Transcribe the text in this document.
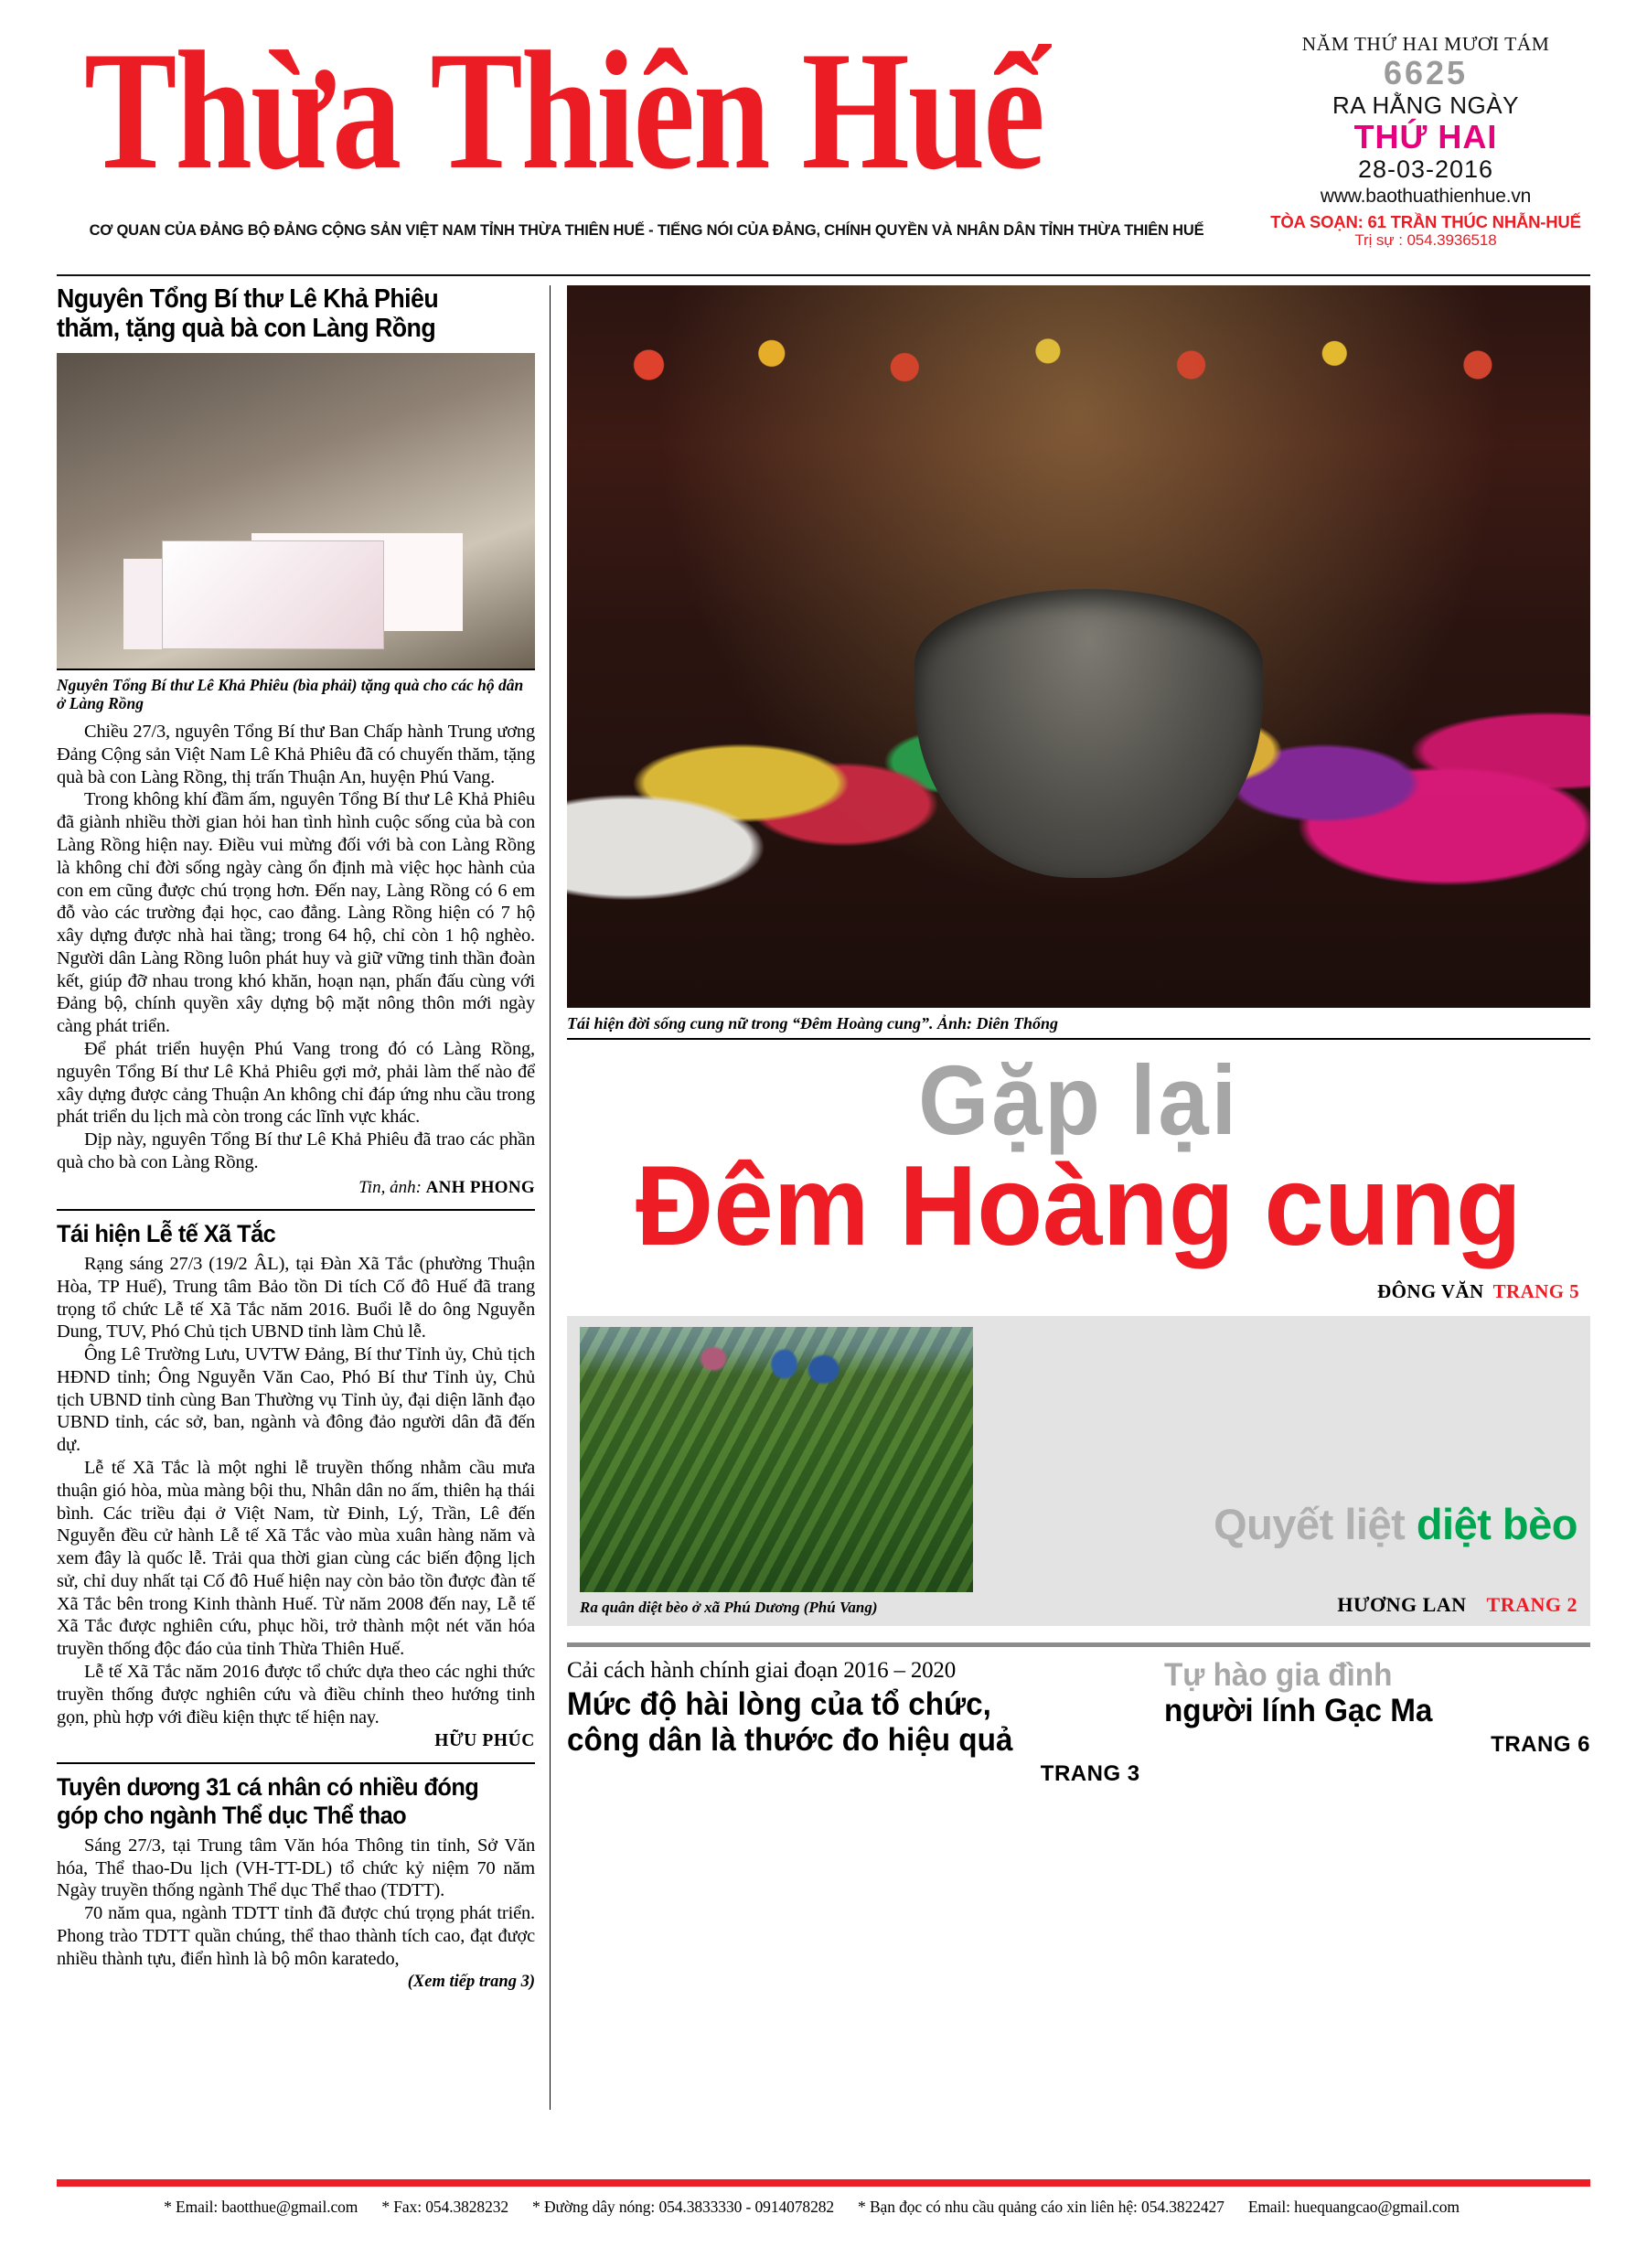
Thừa Thiên Huế
CƠ QUAN CỦA ĐẢNG BỘ ĐẢNG CỘNG SẢN VIỆT NAM TỈNH THỪA THIÊN HUẾ - TIẾNG NÓI CỦA ĐẢNG, CHÍNH QUYỀN VÀ NHÂN DÂN TỈNH THỪA THIÊN HUẾ
NĂM THỨ HAI MƯƠI TÁM
6625
RA HẰNG NGÀY
THỨ HAI
28-03-2016
www.baothuathienhue.vn
TÒA SOẠN: 61 TRẦN THÚC NHẪN-HUẾ
Trị sự : 054.3936518
Nguyên Tổng Bí thư Lê Khả Phiêu thăm, tặng quà bà con Làng Rồng
Nguyên Tổng Bí thư Lê Khả Phiêu (bìa phải) tặng quà cho các hộ dân ở Làng Rồng

Chiều 27/3, nguyên Tổng Bí thư Ban Chấp hành Trung ương Đảng Cộng sản Việt Nam Lê Khả Phiêu đã có chuyến thăm, tặng quà bà con Làng Rồng, thị trấn Thuận An, huyện Phú Vang.

Trong không khí đầm ấm, nguyên Tổng Bí thư Lê Khả Phiêu đã giành nhiều thời gian hỏi han tình hình cuộc sống của bà con Làng Rồng hiện nay. Điều vui mừng đối với bà con Làng Rồng là không chỉ đời sống ngày càng ổn định mà việc học hành của con em cũng được chú trọng hơn. Đến nay, Làng Rồng có 6 em đỗ vào các trường đại học, cao đẳng. Làng Rồng hiện có 7 hộ xây dựng được nhà hai tầng; trong 64 hộ, chỉ còn 1 hộ nghèo. Người dân Làng Rồng luôn phát huy và giữ vững tinh thần đoàn kết, giúp đỡ nhau trong khó khăn, hoạn nạn, phấn đấu cùng với Đảng bộ, chính quyền xây dựng bộ mặt nông thôn mới ngày càng phát triển.

Để phát triển huyện Phú Vang trong đó có Làng Rồng, nguyên Tổng Bí thư Lê Khả Phiêu gợi mở, phải làm thế nào để xây dựng được cảng Thuận An không chỉ đáp ứng nhu cầu trong phát triển du lịch mà còn trong các lĩnh vực khác.

Dịp này, nguyên Tổng Bí thư Lê Khả Phiêu đã trao các phần quà cho bà con Làng Rồng.

Tin, ảnh: ANH PHONG
Tái hiện Lễ tế Xã Tắc

Rạng sáng 27/3 (19/2 ÂL), tại Đàn Xã Tắc (phường Thuận Hòa, TP Huế), Trung tâm Bảo tồn Di tích Cố đô Huế đã trang trọng tổ chức Lễ tế Xã Tắc năm 2016. Buổi lễ do ông Nguyễn Dung, TUV, Phó Chủ tịch UBND tỉnh làm Chủ lễ.

Ông Lê Trường Lưu, UVTW Đảng, Bí thư Tỉnh ủy, Chủ tịch HĐND tỉnh; Ông Nguyễn Văn Cao, Phó Bí thư Tỉnh ủy, Chủ tịch UBND tỉnh cùng Ban Thường vụ Tỉnh ủy, đại diện lãnh đạo UBND tỉnh, các sở, ban, ngành và đông đảo người dân đã đến dự.

Lễ tế Xã Tắc là một nghi lễ truyền thống nhằm cầu mưa thuận gió hòa, mùa màng bội thu, Nhân dân no ấm, thiên hạ thái bình. Các triều đại ở Việt Nam, từ Đinh, Lý, Trần, Lê đến Nguyễn đều cử hành Lễ tế Xã Tắc vào mùa xuân hàng năm và xem đây là quốc lễ. Trải qua thời gian cùng các biến động lịch sử, chỉ duy nhất tại Cố đô Huế hiện nay còn bảo tồn được đàn tế Xã Tắc bên trong Kinh thành Huế. Từ năm 2008 đến nay, Lễ tế Xã Tắc được nghiên cứu, phục hồi, trở thành một nét văn hóa truyền thống độc đáo của tỉnh Thừa Thiên Huế.

Lễ tế Xã Tắc năm 2016 được tổ chức dựa theo các nghi thức truyền thống được nghiên cứu và điều chỉnh theo hướng tinh gọn, phù hợp với điều kiện thực tế hiện nay.

HỮU PHÚC
Tuyên dương 31 cá nhân có nhiều đóng góp cho ngành Thể dục Thể thao

Sáng 27/3, tại Trung tâm Văn hóa Thông tin tỉnh, Sở Văn hóa, Thể thao-Du lịch (VH-TT-DL) tổ chức kỷ niệm 70 năm Ngày truyền thống ngành Thể dục Thể thao (TDTT).

70 năm qua, ngành TDTT tỉnh đã được chú trọng phát triển. Phong trào TDTT quần chúng, thể thao thành tích cao, đạt được nhiều thành tựu, điển hình là bộ môn karatedo,

(Xem tiếp trang 3)
Tái hiện đời sống cung nữ trong “Đêm Hoàng cung”. Ảnh: Diên Thống
Gặp lại
Đêm Hoàng cung
ĐÔNG VĂN TRANG 5
Ra quân diệt bèo ở xã Phú Dương (Phú Vang)
Quyết liệt diệt bèo
HƯƠNG LAN TRANG 2
Cải cách hành chính giai đoạn 2016 – 2020
Mức độ hài lòng của tổ chức,
công dân là thước đo hiệu quả
TRANG 3
Tự hào gia đình
người lính Gạc Ma
TRANG 6
* Email: baotthue@gmail.com * Fax: 054.3828232 * Đường dây nóng: 054.3833330 - 0914078282 * Bạn đọc có nhu cầu quảng cáo xin liên hệ: 054.3822427 Email: huequangcao@gmail.com
